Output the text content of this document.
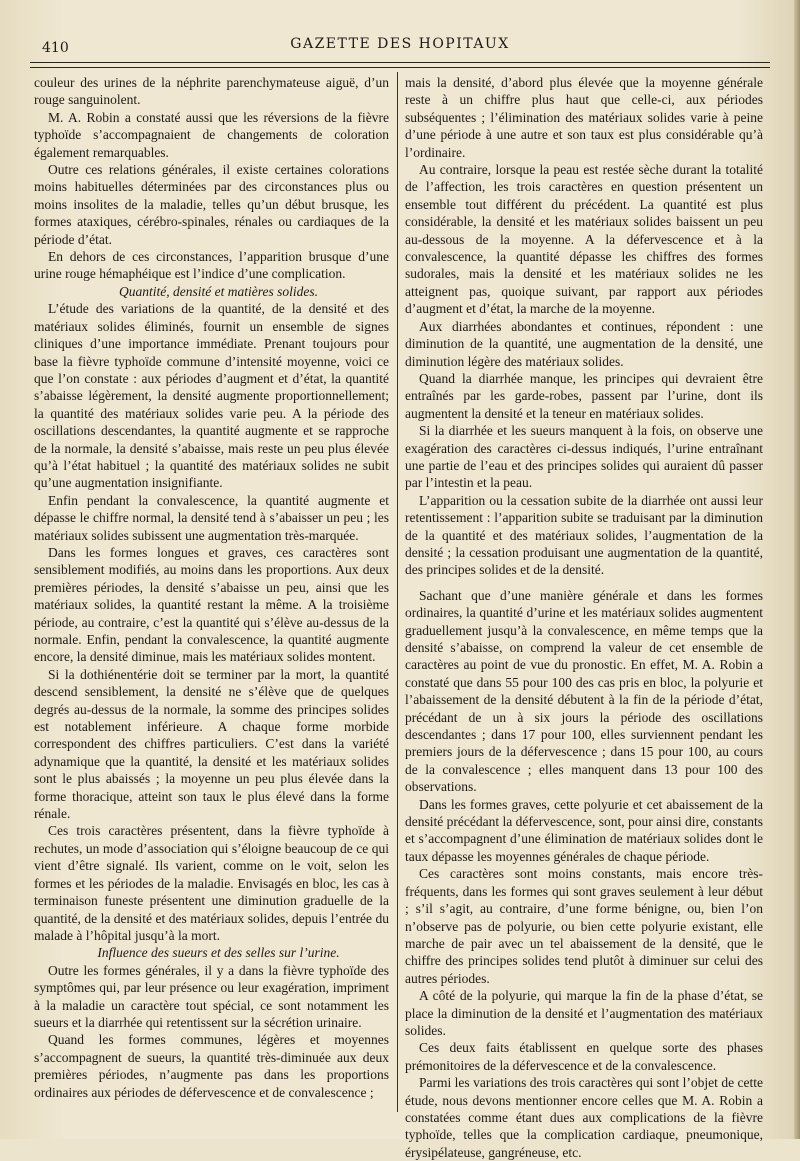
410	GAZETTE DES HOPITAUX

couleur des urines de la néphrite parenchymateuse aiguë, d’un rouge sanguinolent.

M. A. Robin a constaté aussi que les réversions de la fièvre typhoïde s’accompagnaient de changements de coloration également remarquables.

Outre ces relations générales, il existe certaines colorations moins habituelles déterminées par des circonstances plus ou moins insolites de la maladie, telles qu’un début brusque, les formes ataxiques, cérébro-spinales, rénales ou cardiaques de la période d’état.

En dehors de ces circonstances, l’apparition brusque d’une urine rouge hémaphéique est l’indice d’une complication.

Quantité, densité et matières solides.

L’étude des variations de la quantité, de la densité et des matériaux solides éliminés, fournit un ensemble de signes cliniques d’une importance immédiate. Prenant toujours pour base la fièvre typhoïde commune d’intensité moyenne, voici ce que l’on constate : aux périodes d’augment et d’état, la quantité s’abaisse légèrement, la densité augmente proportionnellement; la quantité des matériaux solides varie peu. A la période des oscillations descendantes, la quantité augmente et se rapproche de la normale, la densité s’abaisse, mais reste un peu plus élevée qu’à l’état habituel ; la quantité des matériaux solides ne subit qu’une augmentation insignifiante.

Enfin pendant la convalescence, la quantité augmente et dépasse le chiffre normal, la densité tend à s’abaisser un peu ; les matériaux solides subissent une augmentation très-marquée.

Dans les formes longues et graves, ces caractères sont sensiblement modifiés, au moins dans les proportions. Aux deux premières périodes, la densité s’abaisse un peu, ainsi que les matériaux solides, la quantité restant la même. A la troisième période, au contraire, c’est la quantité qui s’élève au-dessus de la normale. Enfin, pendant la convalescence, la quantité augmente encore, la densité diminue, mais les matériaux solides montent.

Si la dothiénentérie doit se terminer par la mort, la quantité descend sensiblement, la densité ne s’élève que de quelques degrés au-dessus de la normale, la somme des principes solides est notablement inférieure. A chaque forme morbide correspondent des chiffres particuliers. C’est dans la variété adynamique que la quantité, la densité et les matériaux solides sont le plus abaissés ; la moyenne un peu plus élevée dans la forme thoracique, atteint son taux le plus élevé dans la forme rénale.

Ces trois caractères présentent, dans la fièvre typhoïde à rechutes, un mode d’association qui s’éloigne beaucoup de ce qui vient d’être signalé. Ils varient, comme on le voit, selon les formes et les périodes de la maladie. Envisagés en bloc, les cas à terminaison funeste présentent une diminution graduelle de la quantité, de la densité et des matériaux solides, depuis l’entrée du malade à l’hôpital jusqu’à la mort.

Influence des sueurs et des selles sur l’urine.

Outre les formes générales, il y a dans la fièvre typhoïde des symptômes qui, par leur présence ou leur exagération, impriment à la maladie un caractère tout spécial, ce sont notamment les sueurs et la diarrhée qui retentissent sur la sécrétion urinaire.

Quand les formes communes, légères et moyennes s’accompagnent de sueurs, la quantité très-diminuée aux deux premières périodes, n’augmente pas dans les proportions ordinaires aux périodes de défervescence et de convalescence ;

mais la densité, d’abord plus élevée que la moyenne générale reste à un chiffre plus haut que celle-ci, aux périodes subséquentes ; l’élimination des matériaux solides varie à peine d’une période à une autre et son taux est plus considérable qu’à l’ordinaire.

Au contraire, lorsque la peau est restée sèche durant la totalité de l’affection, les trois caractères en question présentent un ensemble tout différent du précédent. La quantité est plus considérable, la densité et les matériaux solides baissent un peu au-dessous de la moyenne. A la défervescence et à la convalescence, la quantité dépasse les chiffres des formes sudorales, mais la densité et les matériaux solides ne les atteignent pas, quoique suivant, par rapport aux périodes d’augment et d’état, la marche de la moyenne.

Aux diarrhées abondantes et continues, répondent : une diminution de la quantité, une augmentation de la densité, une diminution légère des matériaux solides.

Quand la diarrhée manque, les principes qui devraient être entraînés par les garde-robes, passent par l’urine, dont ils augmentent la densité et la teneur en matériaux solides.

Si la diarrhée et les sueurs manquent à la fois, on observe une exagération des caractères ci-dessus indiqués, l’urine entraînant une partie de l’eau et des principes solides qui auraient dû passer par l’intestin et la peau.

L’apparition ou la cessation subite de la diarrhée ont aussi leur retentissement : l’apparition subite se traduisant par la diminution de la quantité et des matériaux solides, l’augmentation de la densité ; la cessation produisant une augmentation de la quantité, des principes solides et de la densité.

Sachant que d’une manière générale et dans les formes ordinaires, la quantité d’urine et les matériaux solides augmentent graduellement jusqu’à la convalescence, en même temps que la densité s’abaisse, on comprend la valeur de cet ensemble de caractères au point de vue du pronostic. En effet, M. A. Robin a constaté que dans 55 pour 100 des cas pris en bloc, la polyurie et l’abaissement de la densité débutent à la fin de la période d’état, précédant de un à six jours la période des oscillations descendantes ; dans 17 pour 100, elles surviennent pendant les premiers jours de la défervescence ; dans 15 pour 100, au cours de la convalescence ; elles manquent dans 13 pour 100 des observations.

Dans les formes graves, cette polyurie et cet abaissement de la densité précédant la défervescence, sont, pour ainsi dire, constants et s’accompagnent d’une élimination de matériaux solides dont le taux dépasse les moyennes générales de chaque période.

Ces caractères sont moins constants, mais encore très-fréquents, dans les formes qui sont graves seulement à leur début ; s’il s’agit, au contraire, d’une forme bénigne, ou, bien l’on n’observe pas de polyurie, ou bien cette polyurie existant, elle marche de pair avec un tel abaissement de la densité, que le chiffre des principes solides tend plutôt à diminuer sur celui des autres périodes.

A côté de la polyurie, qui marque la fin de la phase d’état, se place la diminution de la densité et l’augmentation des matériaux solides.

Ces deux faits établissent en quelque sorte des phases prémonitoires de la défervescence et de la convalescence.

Parmi les variations des trois caractères qui sont l’objet de cette étude, nous devons mentionner encore celles que M. A. Robin a constatées comme étant dues aux complications de la fièvre typhoïde, telles que la complication cardiaque, pneumonique, érysipélateuse, gangréneuse, etc.
